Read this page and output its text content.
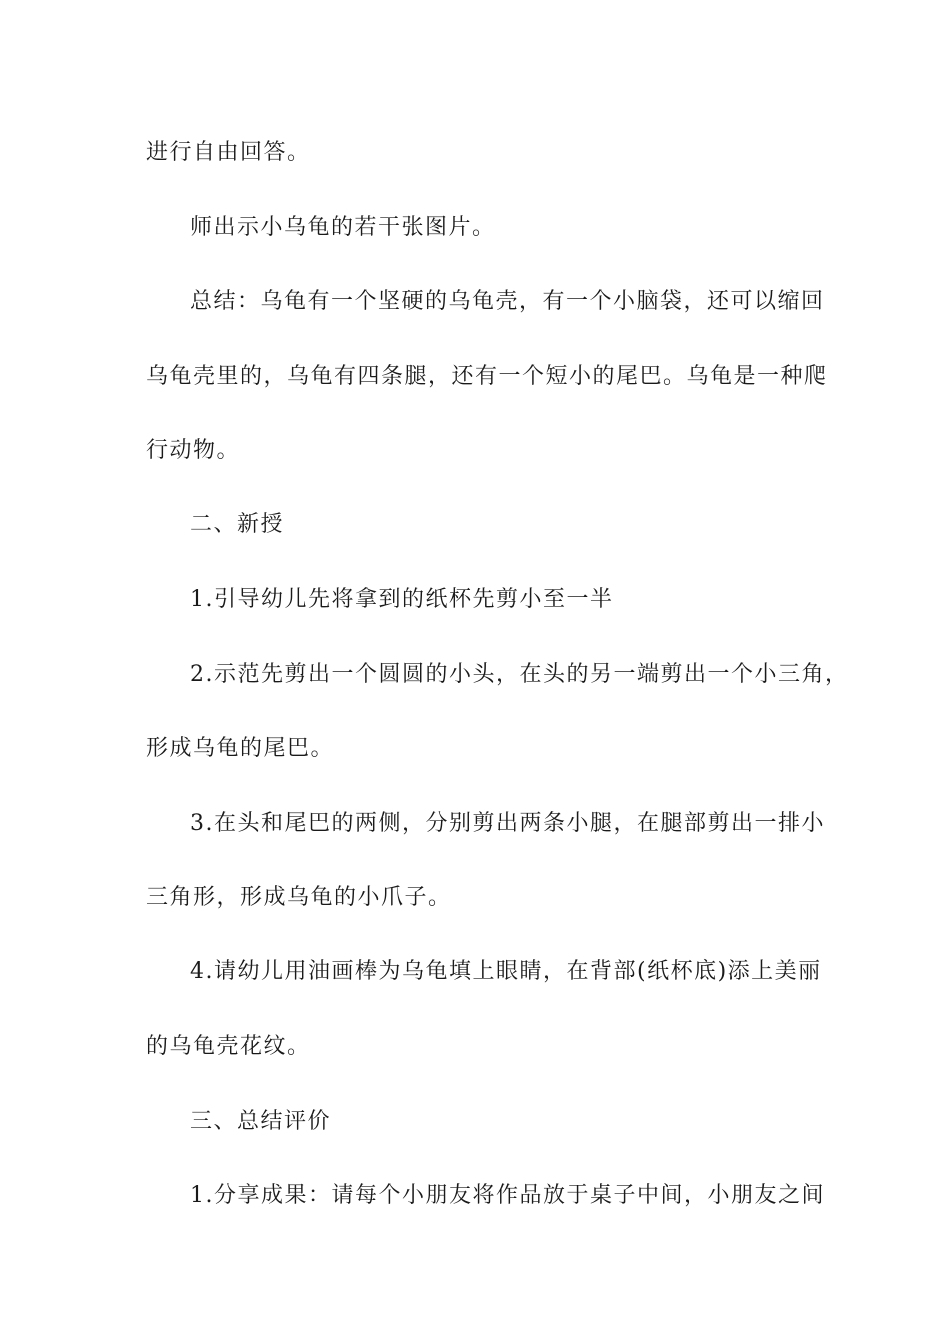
进行自由回答。
师出示小乌龟的若干张图片。
总结：乌龟有一个坚硬的乌龟壳，有一个小脑袋，还可以缩回
乌龟壳里的，乌龟有四条腿，还有一个短小的尾巴。乌龟是一种爬
行动物。
二、新授
1.引导幼儿先将拿到的纸杯先剪小至一半
2.示范先剪出一个圆圆的小头，在头的另一端剪出一个小三角，
形成乌龟的尾巴。
3.在头和尾巴的两侧，分别剪出两条小腿，在腿部剪出一排小
三角形，形成乌龟的小爪子。
4.请幼儿用油画棒为乌龟填上眼睛，在背部(纸杯底)添上美丽
的乌龟壳花纹。
三、总结评价
1.分享成果：请每个小朋友将作品放于桌子中间，小朋友之间
